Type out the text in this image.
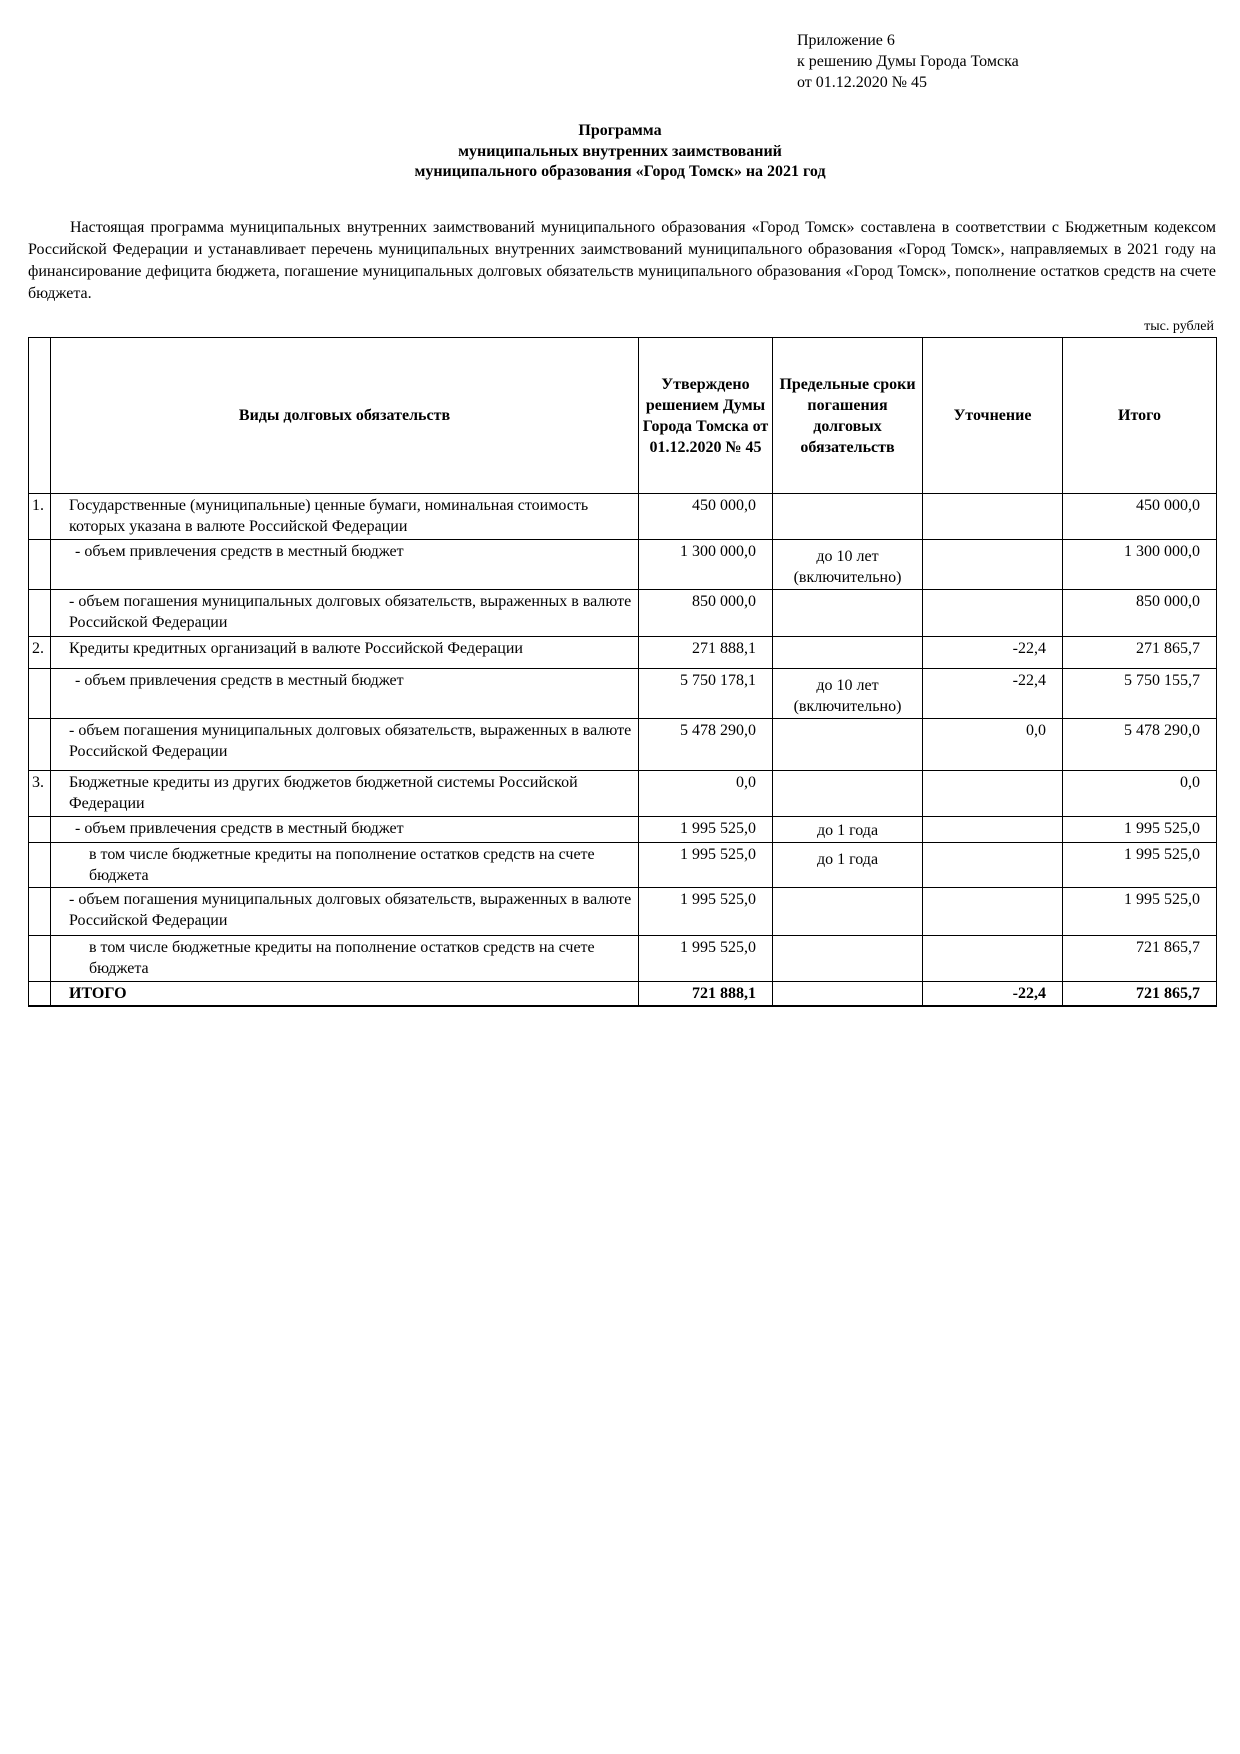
Приложение 6
к решению Думы Города Томска
от 01.12.2020 № 45
Программа
муниципальных внутренних заимствований
муниципального образования «Город Томск» на 2021 год

Настоящая программа муниципальных внутренних заимствований муниципального образования «Город Томск» составлена в соответствии с Бюджетным кодексом Российской Федерации и устанавливает перечень муниципальных внутренних заимствований муниципального образования «Город Томск», направляемых в 2021 году на финансирование дефицита бюджета, погашение муниципальных долговых обязательств муниципального образования «Город Томск», пополнение остатков средств на счете бюджета.

тыс. рублей
	Виды долговых обязательств	Утверждено решением Думы Города Томска от 01.12.2020 № 45	Предельные сроки погашения долговых обязательств	Уточнение	Итого
1.	Государственные (муниципальные) ценные бумаги, номинальная стоимость которых указана в валюте Российской Федерации	450 000,0			450 000,0
	- объем привлечения средств в местный бюджет	1 300 000,0	до 10 лет (включительно)		1 300 000,0
	- объем погашения муниципальных долговых обязательств, выраженных в валюте Российской Федерации	850 000,0			850 000,0
2.	Кредиты кредитных организаций в валюте Российской Федерации	271 888,1		-22,4	271 865,7
	- объем привлечения средств в местный бюджет	5 750 178,1	до 10 лет (включительно)	-22,4	5 750 155,7
	- объем погашения муниципальных долговых обязательств, выраженных в валюте Российской Федерации	5 478 290,0		0,0	5 478 290,0
3.	Бюджетные кредиты из других бюджетов бюджетной системы Российской Федерации	0,0			0,0
	- объем привлечения средств в местный бюджет	1 995 525,0	до 1 года		1 995 525,0
	в том числе бюджетные кредиты на пополнение остатков средств на счете бюджета	1 995 525,0	до 1 года		1 995 525,0
	- объем погашения муниципальных долговых обязательств, выраженных в валюте Российской Федерации	1 995 525,0			1 995 525,0
	в том числе бюджетные кредиты на пополнение остатков средств на счете бюджета	1 995 525,0			721 865,7
	ИТОГО	721 888,1		-22,4	721 865,7
